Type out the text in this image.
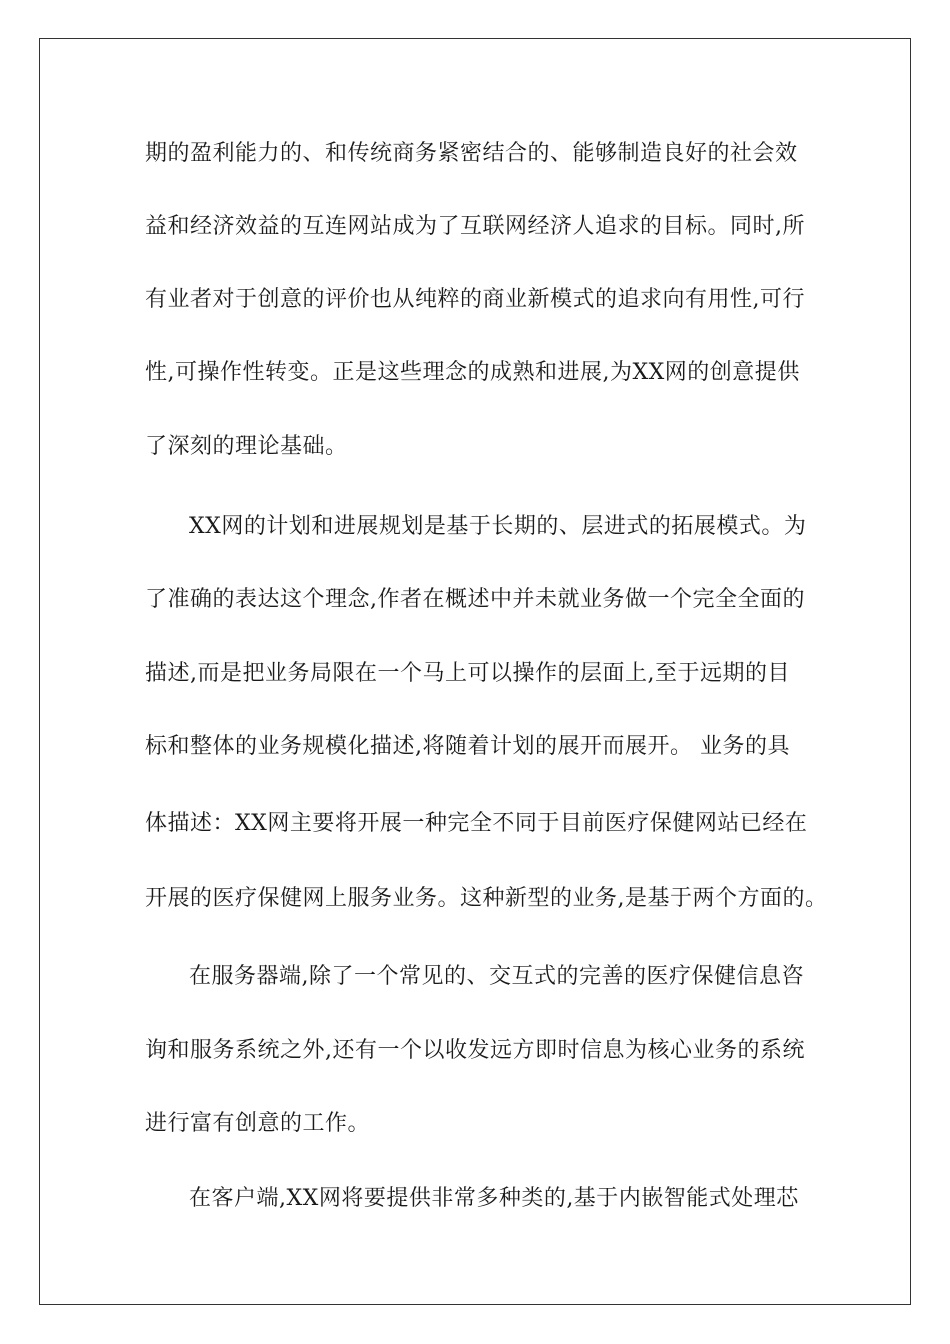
期的盈利能力的、和传统商务紧密结合的、能够制造良好的社会效
益和经济效益的互连网站成为了互联网经济人追求的目标。同时,所
有业者对于创意的评价也从纯粹的商业新模式的追求向有用性,可行
性,可操作性转变。正是这些理念的成熟和进展,为XX网的创意提供
了深刻的理论基础。
XX网的计划和进展规划是基于长期的、层进式的拓展模式。为
了准确的表达这个理念,作者在概述中并未就业务做一个完全全面的
描述,而是把业务局限在一个马上可以操作的层面上,至于远期的目
标和整体的业务规模化描述,将随着计划的展开而展开。 业务的具
体描述：XX网主要将开展一种完全不同于目前医疗保健网站已经在
开展的医疗保健网上服务业务。这种新型的业务,是基于两个方面的。
在服务器端,除了一个常见的、交互式的完善的医疗保健信息咨
询和服务系统之外,还有一个以收发远方即时信息为核心业务的系统
进行富有创意的工作。
在客户端,XX网将要提供非常多种类的,基于内嵌智能式处理芯
